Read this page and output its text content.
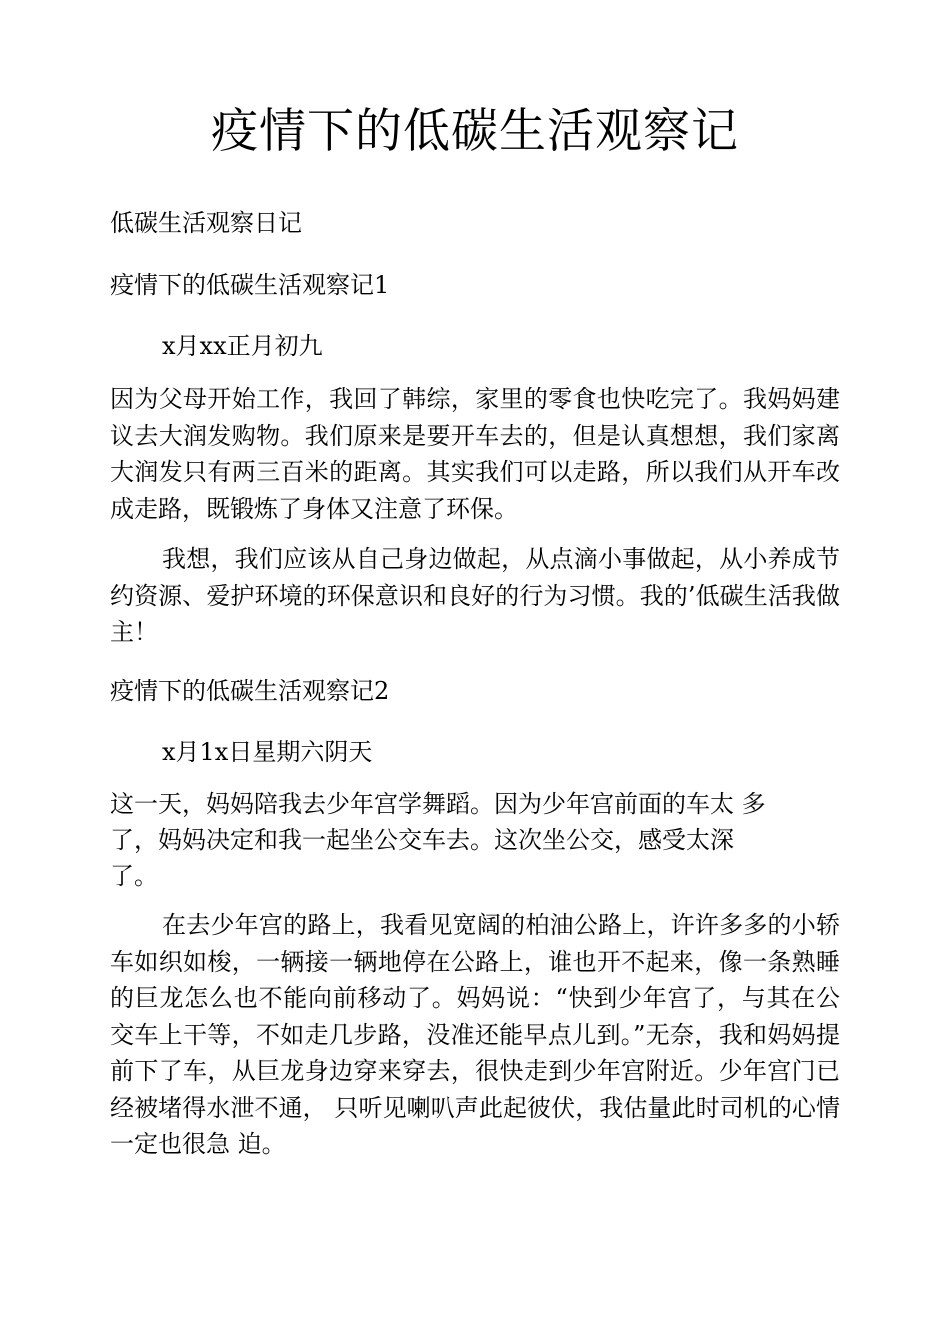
疫情下的低碳生活观察记

低碳生活观察日记

疫情下的低碳生活观察记1

x月xx正月初九

因为父母开始工作，我回了韩综，家里的零食也快吃完了。我妈妈建议去大润发购物。我们原来是要开车去的，但是认真想想，我们家离大润发只有两三百米的距离。其实我们可以走路，所以我们从开车改成走路，既锻炼了身体又注意了环保。

我想，我们应该从自己身边做起，从点滴小事做起，从小养成节约资源、爱护环境的环保意识和良好的行为习惯。我的’低碳生活我做主！

疫情下的低碳生活观察记2

x月1x日星期六阴天

这一天，妈妈陪我去少年宫学舞蹈。因为少年宫前面的车太 多

了，妈妈决定和我一起坐公交车去。这次坐公交，感受太深

了。

在去少年宫的路上，我看见宽阔的柏油公路上，许许多多的小轿车如织如梭，一辆接一辆地停在公路上，谁也开不起来，像一条熟睡的巨龙怎么也不能向前移动了。妈妈说：“快到少年宫了，与其在公交车上干等，不如走几步路，没准还能早点儿到。”无奈，我和妈妈提前下了车，从巨龙身边穿来穿去，很快走到少年宫附近。少年宫门已经被堵得水泄不通， 只听见喇叭声此起彼伏，我估量此时司机的心情一定也很急 迫。
